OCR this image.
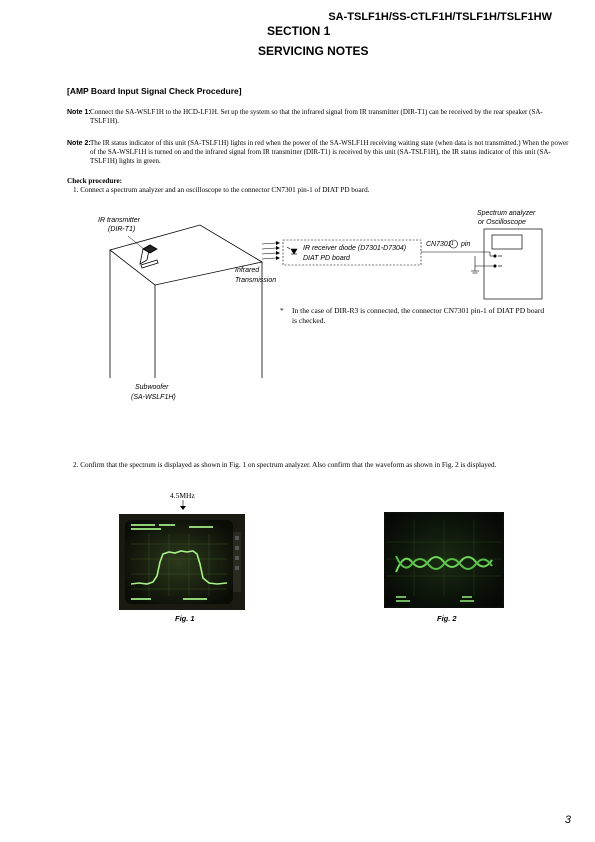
SA-TSLF1H/SS-CTLF1H/TSLF1H/TSLF1HW
SECTION 1
SERVICING NOTES
[AMP Board Input Signal Check Procedure]
Note 1: Connect the SA-WSLF1H to the HCD-LF1H. Set up the system so that the infrared signal from IR transmitter (DIR-T1) can be received by the rear speaker (SA-TSLF1H).
Note 2: The IR status indicator of this unit (SA-TSLF1H) lights in red when the power of the SA-WSLF1H receiving waiting state (when data is not transmitted.) When the power of the SA-WSLF1H is turned on and the infrared signal from IR transmitter (DIR-T1) is received by this unit (SA-TSLF1H), the IR status indicator of this unit (SA-TSLF1H) lights in green.
Check procedure:
1. Connect a spectrum analyzer and an oscilloscope to the connector CN7301 pin-1 of DIAT PD board.
IR transmitter
(DIR-T1)
Spectrum analyzer
or Oscilloscope
IR receiver diode (D7301-D7304)
DIAT PD board
CN7301 1 pin
Infrared
Transmission
Subwoofer
(SA-WSLF1H)
* In the case of DIR-R3 is connected, the connector CN7301 pin-1 of DIAT PD board is checked.
2. Confirm that the spectrum is displayed as shown in Fig. 1 on spectrum analyzer. Also confirm that the waveform as shown in Fig. 2 is displayed.
4.5MHz
Fig. 1	Fig. 2
3
